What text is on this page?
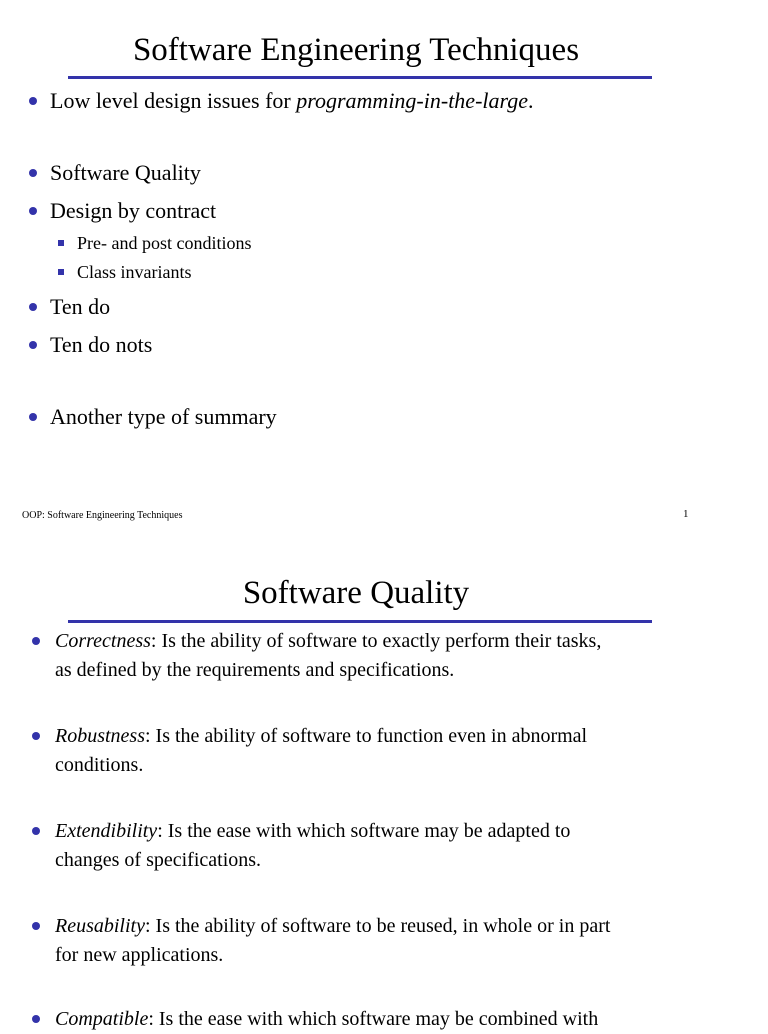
Software Engineering Techniques

Low level design issues for programming-in-the-large.

Software Quality

Design by contract

Pre- and post conditions

Class invariants

Ten do

Ten do nots

Another type of summary

OOP: Software Engineering Techniques	1
Software Quality
Correctness: Is the ability of software to exactly perform their tasks,
as defined by the requirements and specifications.
Robustness: Is the ability of software to function even in abnormal
conditions.
Extendibility: Is the ease with which software may be adapted to
changes of specifications.
Reusability: Is the ability of software to be reused, in whole or in part
for new applications.
Compatible: Is the ease with which software may be combined with
